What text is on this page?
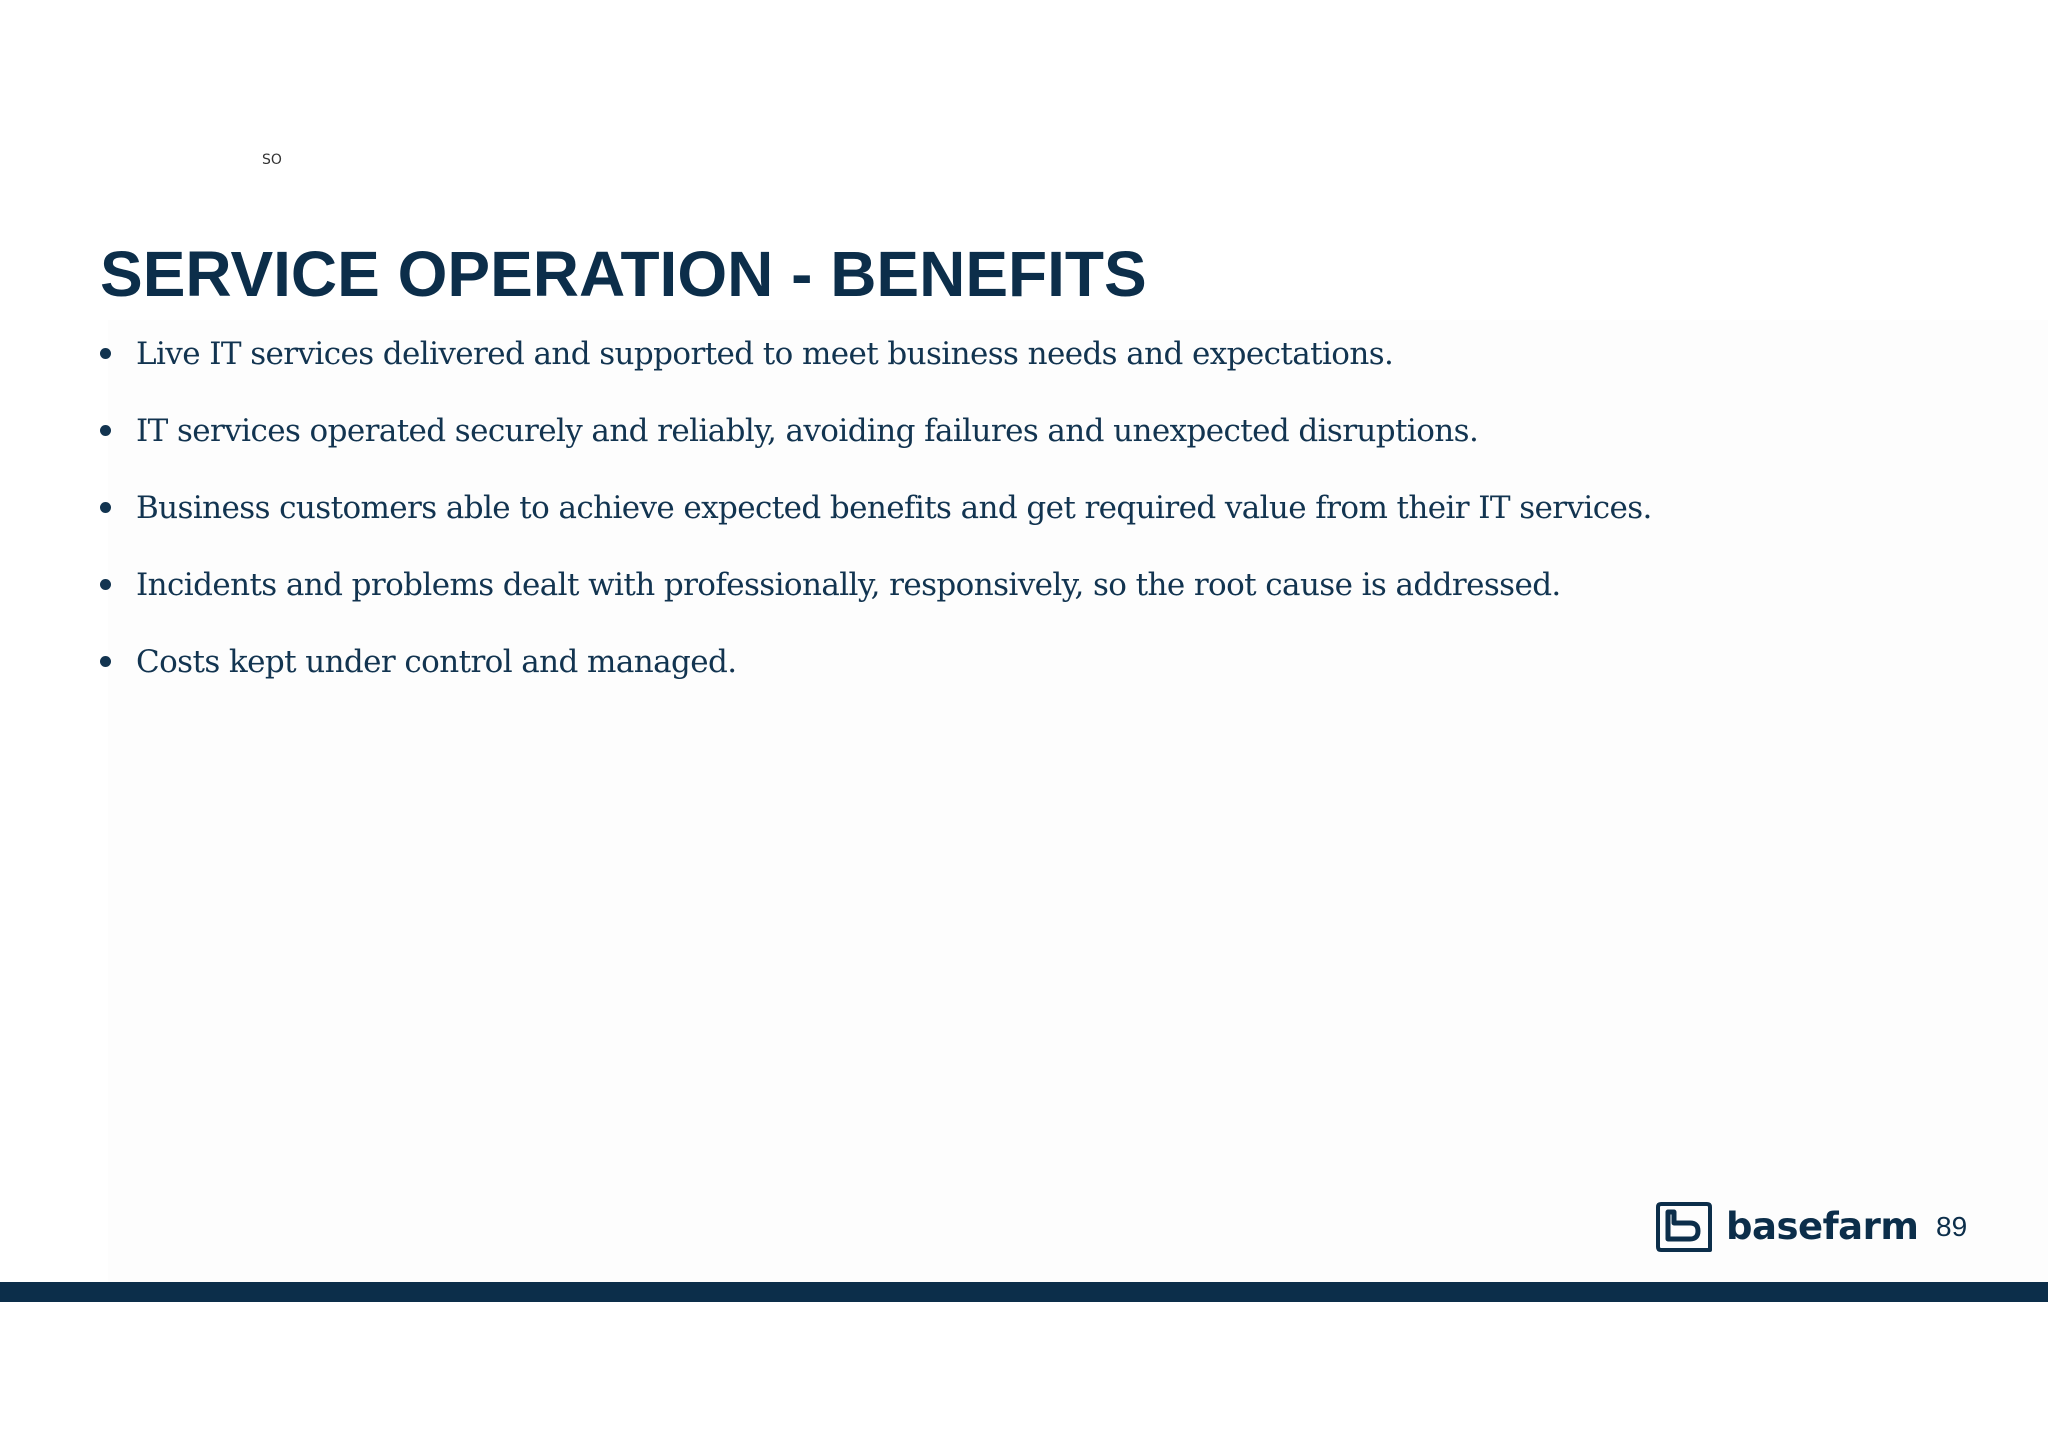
SO
SERVICE OPERATION - BENEFITS
Live IT services delivered and supported to meet business needs and expectations.
IT services operated securely and reliably, avoiding failures and unexpected disruptions.
Business customers able to achieve expected benefits and get required value from their IT services.
Incidents and problems dealt with professionally, responsively, so the root cause is addressed.
Costs kept under control and managed.
basefarm 89
